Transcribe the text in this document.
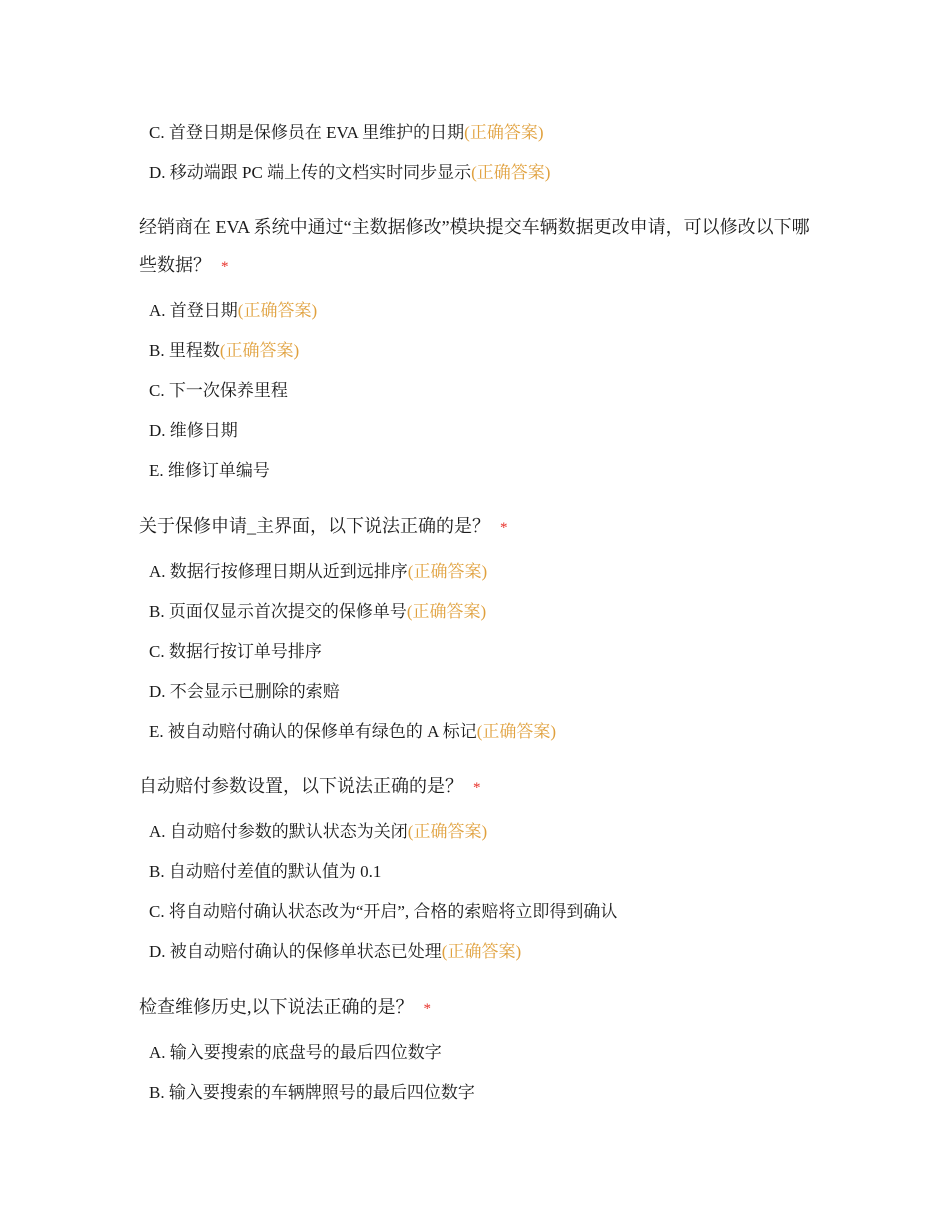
C. 首登日期是保修员在 EVA 里维护的日期(正确答案)
D. 移动端跟 PC 端上传的文档实时同步显示(正确答案)
经销商在 EVA 系统中通过“主数据修改”模块提交车辆数据更改申请，可以修改以下哪些数据？ *
A. 首登日期(正确答案)
B. 里程数(正确答案)
C. 下一次保养里程
D. 维修日期
E. 维修订单编号
关于保修申请_主界面，以下说法正确的是？ *
A. 数据行按修理日期从近到远排序(正确答案)
B. 页面仅显示首次提交的保修单号(正确答案)
C. 数据行按订单号排序
D. 不会显示已删除的索赔
E. 被自动赔付确认的保修单有绿色的 A 标记(正确答案)
自动赔付参数设置，以下说法正确的是？ *
A. 自动赔付参数的默认状态为关闭(正确答案)
B. 自动赔付差值的默认值为 0.1
C. 将自动赔付确认状态改为“开启”, 合格的索赔将立即得到确认
D. 被自动赔付确认的保修单状态已处理(正确答案)
检查维修历史,以下说法正确的是？ *
A. 输入要搜索的底盘号的最后四位数字
B. 输入要搜索的车辆牌照号的最后四位数字
